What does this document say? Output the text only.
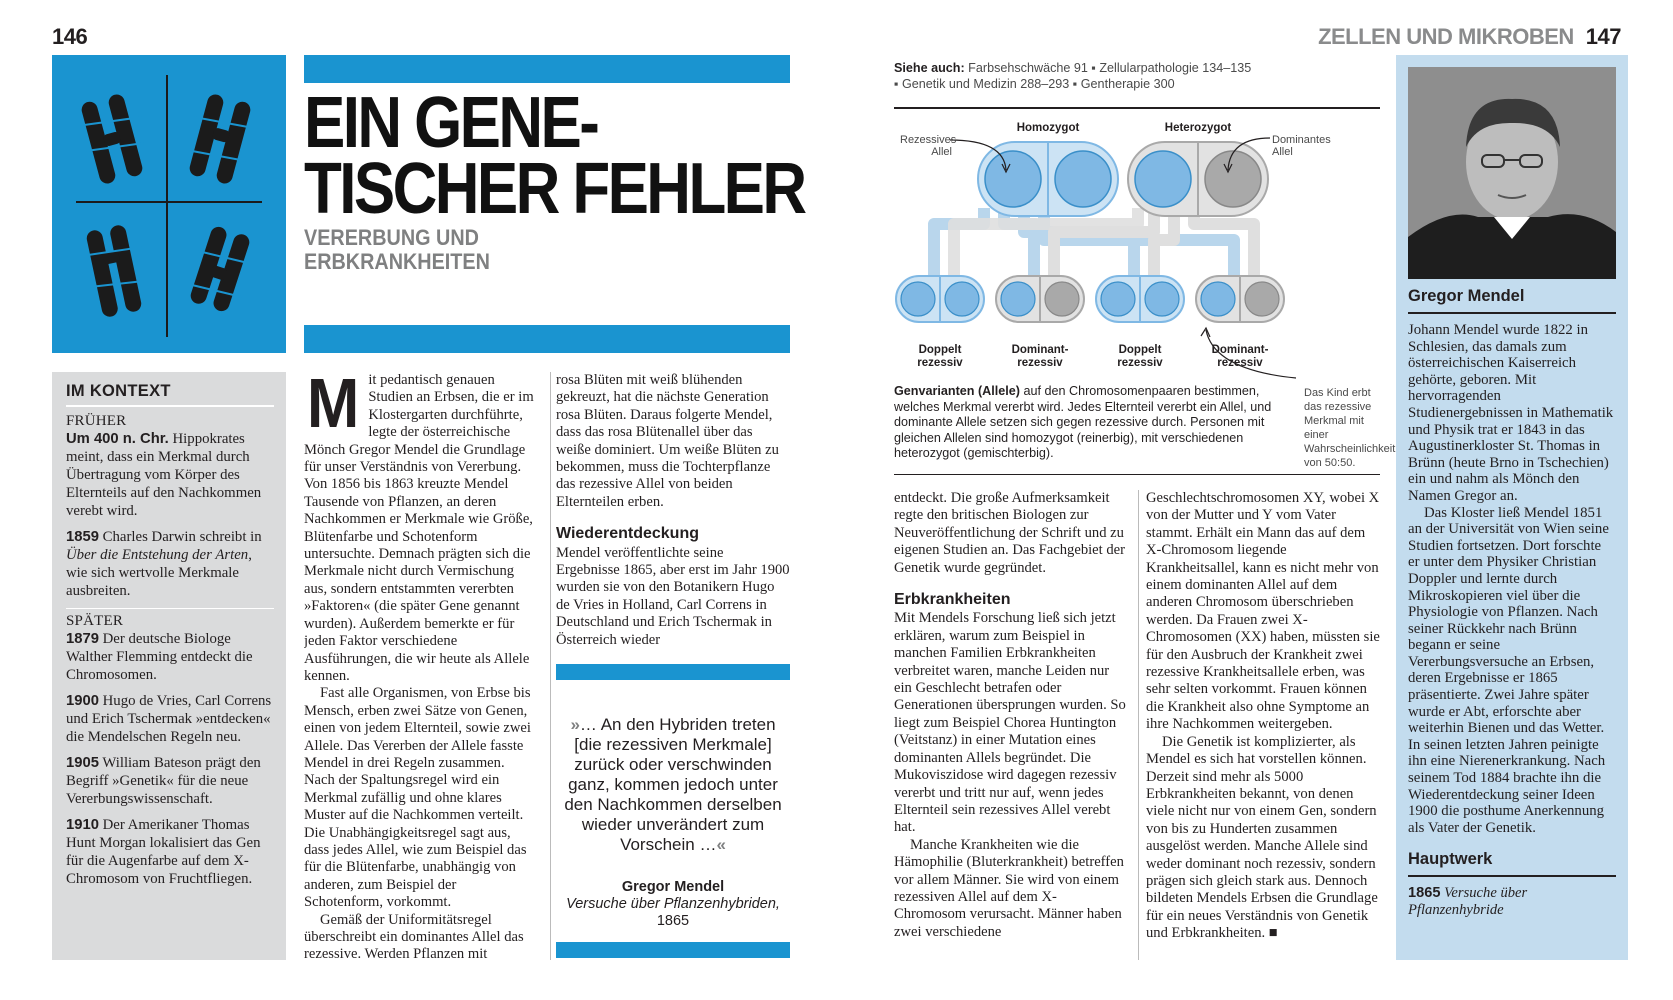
146
EIN GENE-
TISCHER FEHLER
VERERBUNG UND
ERBKRANKHEITEN
IM KONTEXT
FRÜHER

Um 400 n. Chr. Hippokrates meint, dass ein Merkmal durch Übertragung vom Körper des Elternteils auf den Nachkommen verebt wird.

1859 Charles Darwin schreibt in Über die Entstehung der Arten, wie sich wertvolle Merkmale ausbreiten.

SPÄTER

1879 Der deutsche Biologe Walther Flemming entdeckt die Chromosomen.

1900 Hugo de Vries, Carl Correns und Erich Tschermak »entdecken« die Mendelschen Regeln neu.

1905 William Bateson prägt den Begriff »Genetik« für die neue Vererbungswissenschaft.

1910 Der Amerikaner Thomas Hunt Morgan lokalisiert das Gen für die Augenfarbe auf dem X-Chromosom von Fruchtfliegen.

M it pedantisch genauen Studien an Erbsen, die er im Klostergarten durchführte, legte der österreichische Mönch Gregor Mendel die Grundlage für unser Verständnis von Vererbung. Von 1856 bis 1863 kreuzte Mendel Tausende von Pflanzen, an deren Nachkommen er Merkmale wie Größe, Blütenfarbe und Schotenform untersuchte. Demnach prägten sich die Merkmale nicht durch Vermischung aus, sondern entstammten vererbten »Faktoren« (die später Gene genannt wurden). Außerdem bemerkte er für jeden Faktor verschiedene Ausführungen, die wir heute als Allele kennen.

Fast alle Organismen, von Erbse bis Mensch, erben zwei Sätze von Genen, einen von jedem Elternteil, sowie zwei Allele. Das Vererben der Allele fasste Mendel in drei Regeln zusammen. Nach der Spaltungsregel wird ein Merkmal zufällig und ohne klares Muster auf die Nachkommen verteilt. Die Unabhängigkeitsregel sagt aus, dass jedes Allel, wie zum Beispiel das für die Blütenfarbe, unabhängig von anderen, zum Beispiel der Schotenform, vorkommt.

Gemäß der Uniformitätsregel überschreibt ein dominantes Allel das rezessive. Werden Pflanzen mit

rosa Blüten mit weiß blühenden gekreuzt, hat die nächste Generation rosa Blüten. Daraus folgerte Mendel, dass das rosa Blütenallel über das weiße dominiert. Um weiße Blüten zu bekommen, muss die Tochterpflanze das rezessive Allel von beiden Elternteilen erben.

Wiederentdeckung

Mendel veröffentlichte seine Ergebnisse 1865, aber erst im Jahr 1900 wurden sie von den Botanikern Hugo de Vries in Holland, Carl Correns in Deutschland und Erich Tschermak in Österreich wieder

»… An den Hybriden treten [die rezessiven Merkmale] zurück oder verschwinden ganz, kommen jedoch unter den Nachkommen derselben wieder unverändert zum Vorschein …«
Gregor Mendel
Versuche über Pflanzenhybriden,
1865
ZELLEN UND MIKROBEN 147
Siehe auch: Farbsehschwäche 91 ▪ Zellularpathologie 134–135
▪ Genetik und Medizin 288–293 ▪ Gentherapie 300
Homozygot	Heterozygot
Rezessives Allel
Dominantes Allel
Doppelt
rezessiv
Dominant-
rezessiv
Doppelt
rezessiv
Dominant-
rezessiv
Genvarianten (Allele) auf den Chromosomenpaaren bestimmen, welches Merkmal vererbt wird. Jedes Elternteil vererbt ein Allel, und dominante Allele setzen sich gegen rezessive durch. Personen mit gleichen Allelen sind homozygot (reinerbig), mit verschiedenen heterozygot (gemischterbig).
Das Kind erbt das rezessive Merkmal mit einer Wahrscheinlichkeit von 50:50.

entdeckt. Die große Aufmerksamkeit regte den britischen Biologen zur Neuveröffentlichung der Schrift und zu eigenen Studien an. Das Fachgebiet der Genetik wurde gegründet.

Erbkrankheiten

Mit Mendels Forschung ließ sich jetzt erklären, warum zum Beispiel in manchen Familien Erbkrankheiten verbreitet waren, manche Leiden nur ein Geschlecht betrafen oder Generationen übersprungen wurden. So liegt zum Beispiel Chorea Huntington (Veitstanz) in einer Mutation eines dominanten Allels begründet. Die Mukoviszidose wird dagegen rezessiv vererbt und tritt nur auf, wenn jedes Elternteil sein rezessives Allel verebt hat.

Manche Krankheiten wie die Hämophilie (Bluterkrankheit) betreffen vor allem Männer. Sie wird von einem rezessiven Allel auf dem X-Chromosom verursacht. Männer haben zwei verschiedene

Geschlechtschromosomen XY, wobei X von der Mutter und Y vom Vater stammt. Erhält ein Mann das auf dem X-Chromosom liegende Krankheitsallel, kann es nicht mehr von einem dominanten Allel auf dem anderen Chromosom überschrieben werden. Da Frauen zwei X-Chromosomen (XX) haben, müssten sie für den Ausbruch der Krankheit zwei rezessive Krankheitsallele erben, was sehr selten vorkommt. Frauen können die Krankheit also ohne Symptome an ihre Nachkommen weitergeben.

Die Genetik ist komplizierter, als Mendel es sich hat vorstellen können. Derzeit sind mehr als 5000 Erbkrankheiten bekannt, von denen viele nicht nur von einem Gen, sondern von bis zu Hunderten zusammen ausgelöst werden. Manche Allele sind weder dominant noch rezessiv, sondern prägen sich gleich stark aus. Dennoch bildeten Mendels Erbsen die Grundlage für ein neues Verständnis von Genetik und Erbkrankheiten. ■

Gregor Mendel

Johann Mendel wurde 1822 in Schlesien, das damals zum österreichischen Kaiserreich gehörte, geboren. Mit hervorragenden Studienergebnissen in Mathematik und Physik trat er 1843 in das Augustinerkloster St. Thomas in Brünn (heute Brno in Tschechien) ein und nahm als Mönch den Namen Gregor an.

Das Kloster ließ Mendel 1851 an der Universität von Wien seine Studien fortsetzen. Dort forschte er unter dem Physiker Christian Doppler und lernte durch Mikroskopieren viel über die Physiologie von Pflanzen. Nach seiner Rückkehr nach Brünn begann er seine Vererbungsversuche an Erbsen, deren Ergebnisse er 1865 präsentierte. Zwei Jahre später wurde er Abt, erforschte aber weiterhin Bienen und das Wetter. In seinen letzten Jahren peinigte ihn eine Nierenerkrankung. Nach seinem Tod 1884 brachte ihn die Wiederentdeckung seiner Ideen 1900 die posthume Anerkennung als Vater der Genetik.

Hauptwerk

1865 Versuche über Pflanzenhybride
